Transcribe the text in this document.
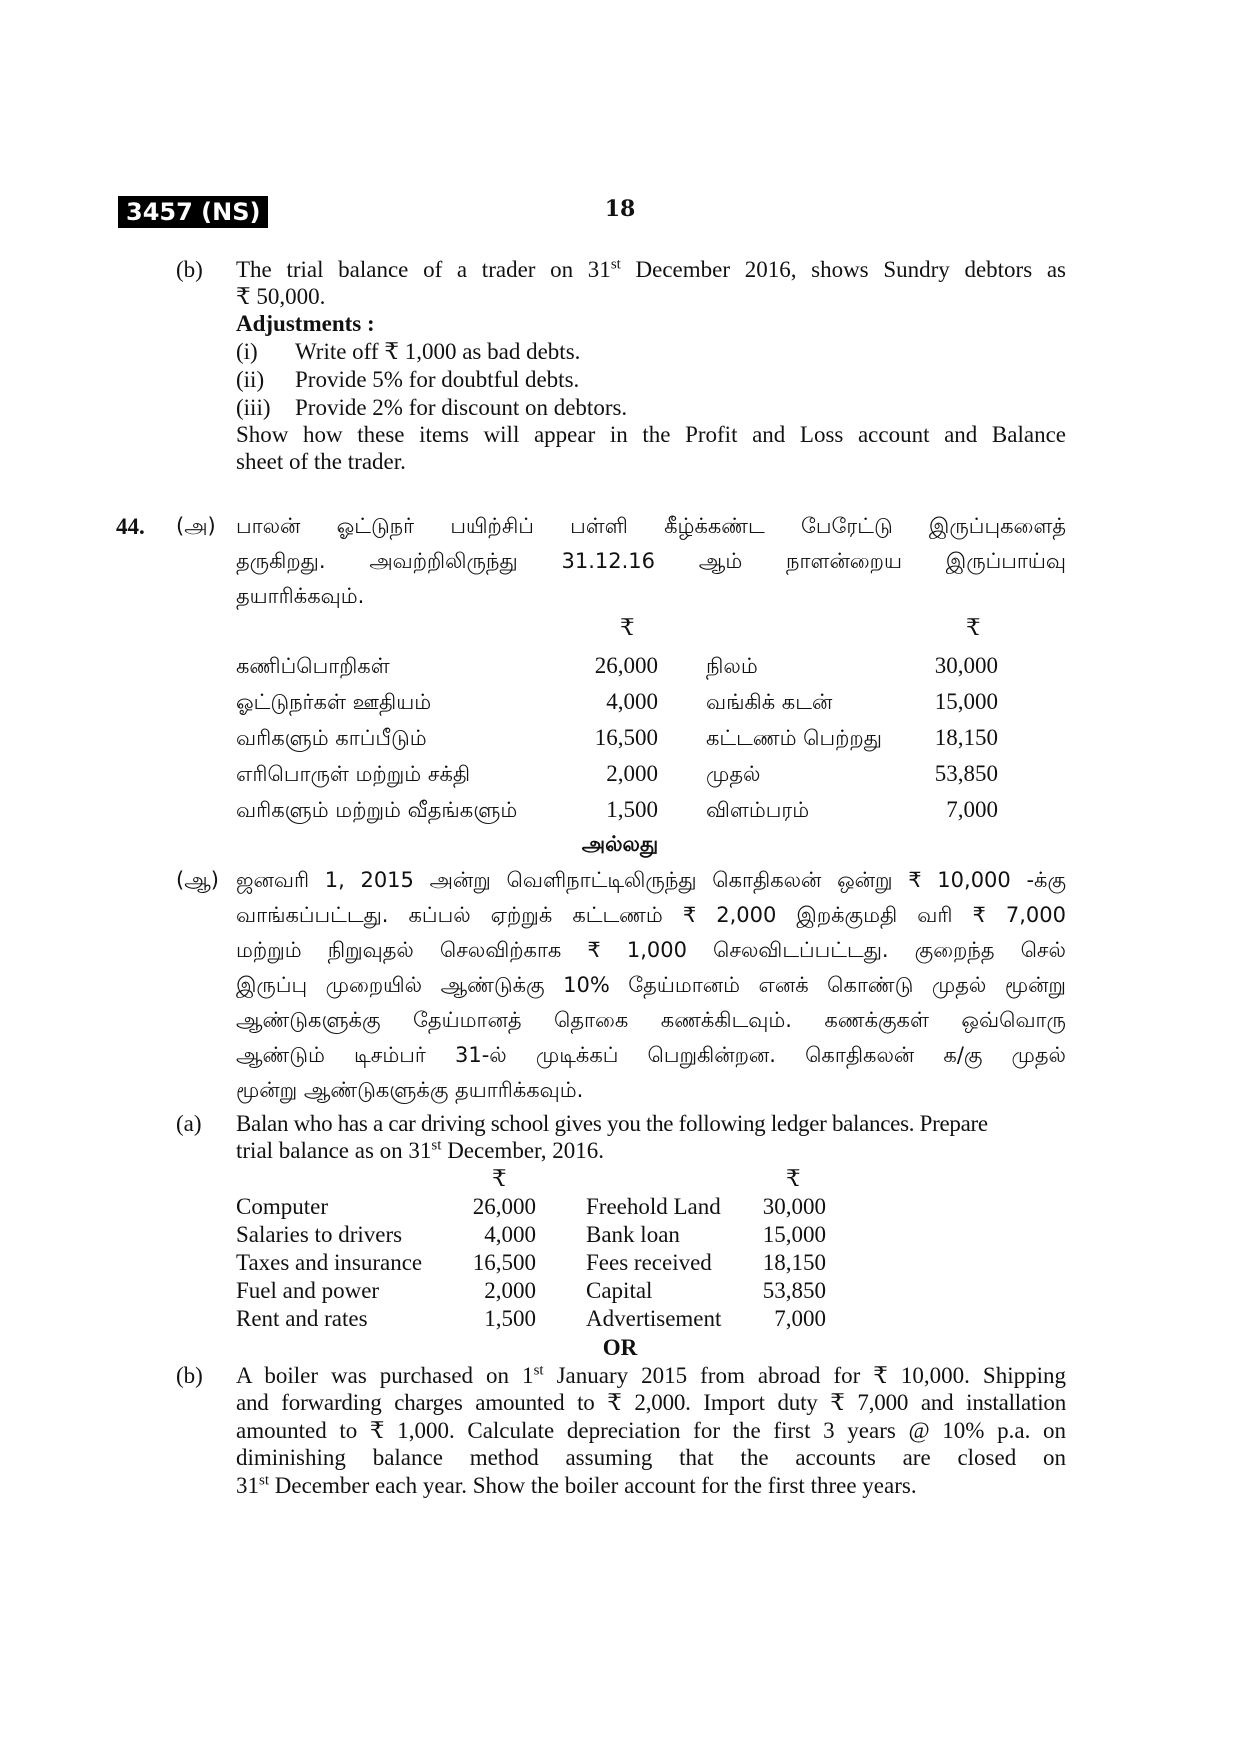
3457 (NS)	18
(b) The trial balance of a trader on 31st December 2016, shows Sundry debtors as
₹ 50,000.
Adjustments :
(i) Write off ₹ 1,000 as bad debts.
(ii) Provide 5% for doubtful debts.
(iii) Provide 2% for discount on debtors.
Show how these items will appear in the Profit and Loss account and Balance
sheet of the trader.
44. (அ) பாலன் ஓட்டுநர் பயிற்சிப் பள்ளி கீழ்க்கண்ட பேரேட்டு இருப்புகளைத்
தருகிறது. அவற்றிலிருந்து 31.12.16 ஆம் நாளன்றைய இருப்பாய்வு
தயாரிக்கவும்.
₹	₹
கணிப்பொறிகள்	26,000		நிலம்	30,000
ஓட்டுநர்கள் ஊதியம்	4,000		வங்கிக் கடன்	15,000
வரிகளும் காப்பீடும்	16,500		கட்டணம் பெற்றது	18,150
எரிபொருள் மற்றும் சக்தி	2,000		முதல்	53,850
வரிகளும் மற்றும் வீதங்களும்	1,500		விளம்பரம்	7,000
அல்லது
(ஆ) ஜனவரி 1, 2015 அன்று வெளிநாட்டிலிருந்து கொதிகலன் ஒன்று ₹ 10,000 -க்கு
வாங்கப்பட்டது. கப்பல் ஏற்றுக் கட்டணம் ₹ 2,000 இறக்குமதி வரி ₹ 7,000
மற்றும் நிறுவுதல் செலவிற்காக ₹ 1,000 செலவிடப்பட்டது. குறைந்த செல்
இருப்பு முறையில் ஆண்டுக்கு 10% தேய்மானம் எனக் கொண்டு முதல் மூன்று
ஆண்டுகளுக்கு தேய்மானத் தொகை கணக்கிடவும். கணக்குகள் ஒவ்வொரு
ஆண்டும் டிசம்பர் 31-ல் முடிக்கப் பெறுகின்றன. கொதிகலன் க/கு முதல்
மூன்று ஆண்டுகளுக்கு தயாரிக்கவும்.
(a) Balan who has a car driving school gives you the following ledger balances. Prepare
trial balance as on 31st December, 2016.
₹	₹
Computer	26,000		Freehold Land	30,000
Salaries to drivers	4,000		Bank loan	15,000
Taxes and insurance	16,500		Fees received	18,150
Fuel and power	2,000		Capital	53,850
Rent and rates	1,500		Advertisement	7,000
OR
(b) A boiler was purchased on 1st January 2015 from abroad for ₹ 10,000. Shipping
and forwarding charges amounted to ₹ 2,000. Import duty ₹ 7,000 and installation
amounted to ₹ 1,000. Calculate depreciation for the first 3 years @ 10% p.a. on
diminishing balance method assuming that the accounts are closed on
31st December each year. Show the boiler account for the first three years.
